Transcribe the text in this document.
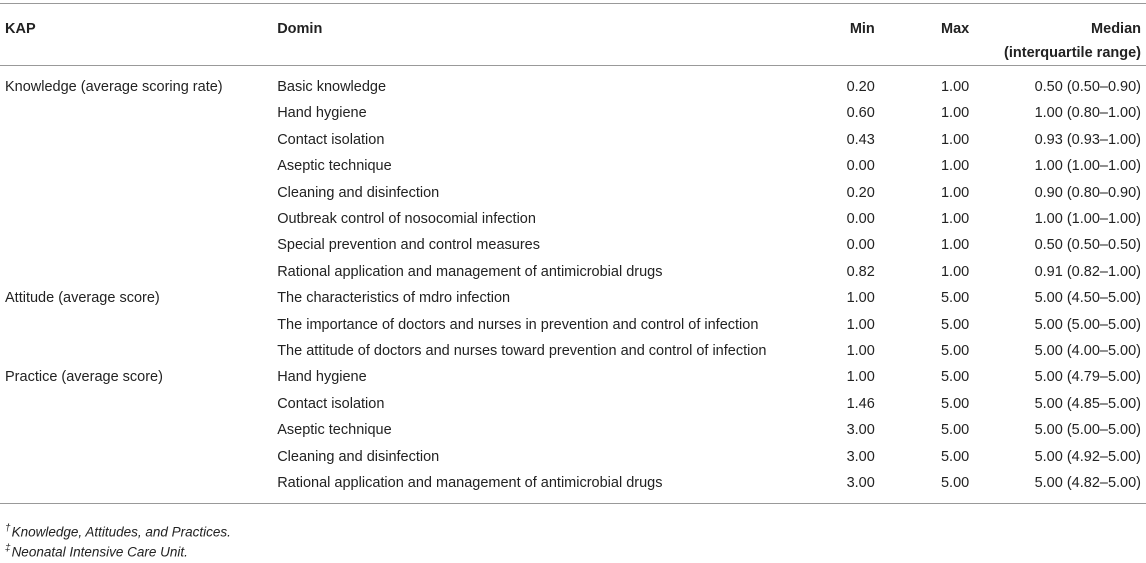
KAP	Domin	Min	Max	Median
(interquartile range)

Knowledge (average scoring rate)	Basic knowledge	0.20	1.00	0.50 (0.50–0.90)
	Hand hygiene	0.60	1.00	1.00 (0.80–1.00)
	Contact isolation	0.43	1.00	0.93 (0.93–1.00)
	Aseptic technique	0.00	1.00	1.00 (1.00–1.00)
	Cleaning and disinfection	0.20	1.00	0.90 (0.80–0.90)
	Outbreak control of nosocomial infection	0.00	1.00	1.00 (1.00–1.00)
	Special prevention and control measures	0.00	1.00	0.50 (0.50–0.50)
	Rational application and management of antimicrobial drugs	0.82	1.00	0.91 (0.82–1.00)
Attitude (average score)	The characteristics of mdro infection	1.00	5.00	5.00 (4.50–5.00)
	The importance of doctors and nurses in prevention and control of infection	1.00	5.00	5.00 (5.00–5.00)
	The attitude of doctors and nurses toward prevention and control of infection	1.00	5.00	5.00 (4.00–5.00)
Practice (average score)	Hand hygiene	1.00	5.00	5.00 (4.79–5.00)
	Contact isolation	1.46	5.00	5.00 (4.85–5.00)
	Aseptic technique	3.00	5.00	5.00 (5.00–5.00)
	Cleaning and disinfection	3.00	5.00	5.00 (4.92–5.00)
	Rational application and management of antimicrobial drugs	3.00	5.00	5.00 (4.82–5.00)
†Knowledge, Attitudes, and Practices.
‡Neonatal Intensive Care Unit.
